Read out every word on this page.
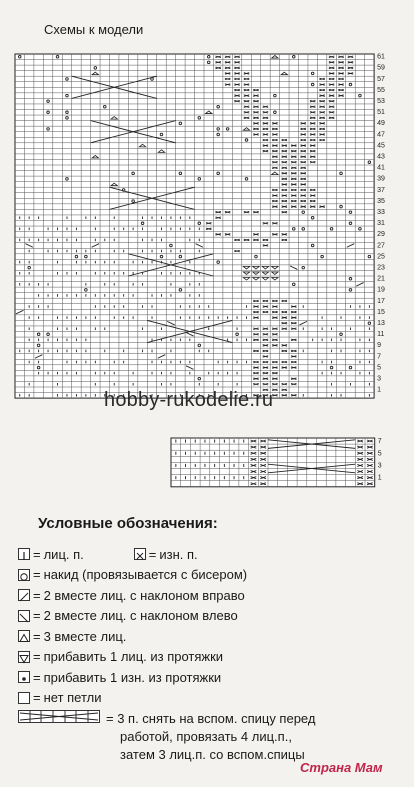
Схемы к модели
61
59
57
55
53
51
49
47
45
43
41
39
37
35
33
31
29
27
25
23
21
19
17
15
13
11
9
7
5
3
1
hobby-rukodelie.ru
7
5
3
1
Условные обозначения:
= лиц. п.	= изн. п.
= накид (провязывается с бисером)
= 2 вместе лиц. с наклоном вправо
= 2 вместе лиц. с наклоном влево
= 3 вместе лиц.
= прибавить 1 лиц. из протяжки
= прибавить 1 изн. из протяжки
= нет петли
= 3 п. снять на вспом. спицу перед
работой, провязать 4 лиц.п.,
затем 3 лиц.п. со вспом.спицы
Страна Мам
